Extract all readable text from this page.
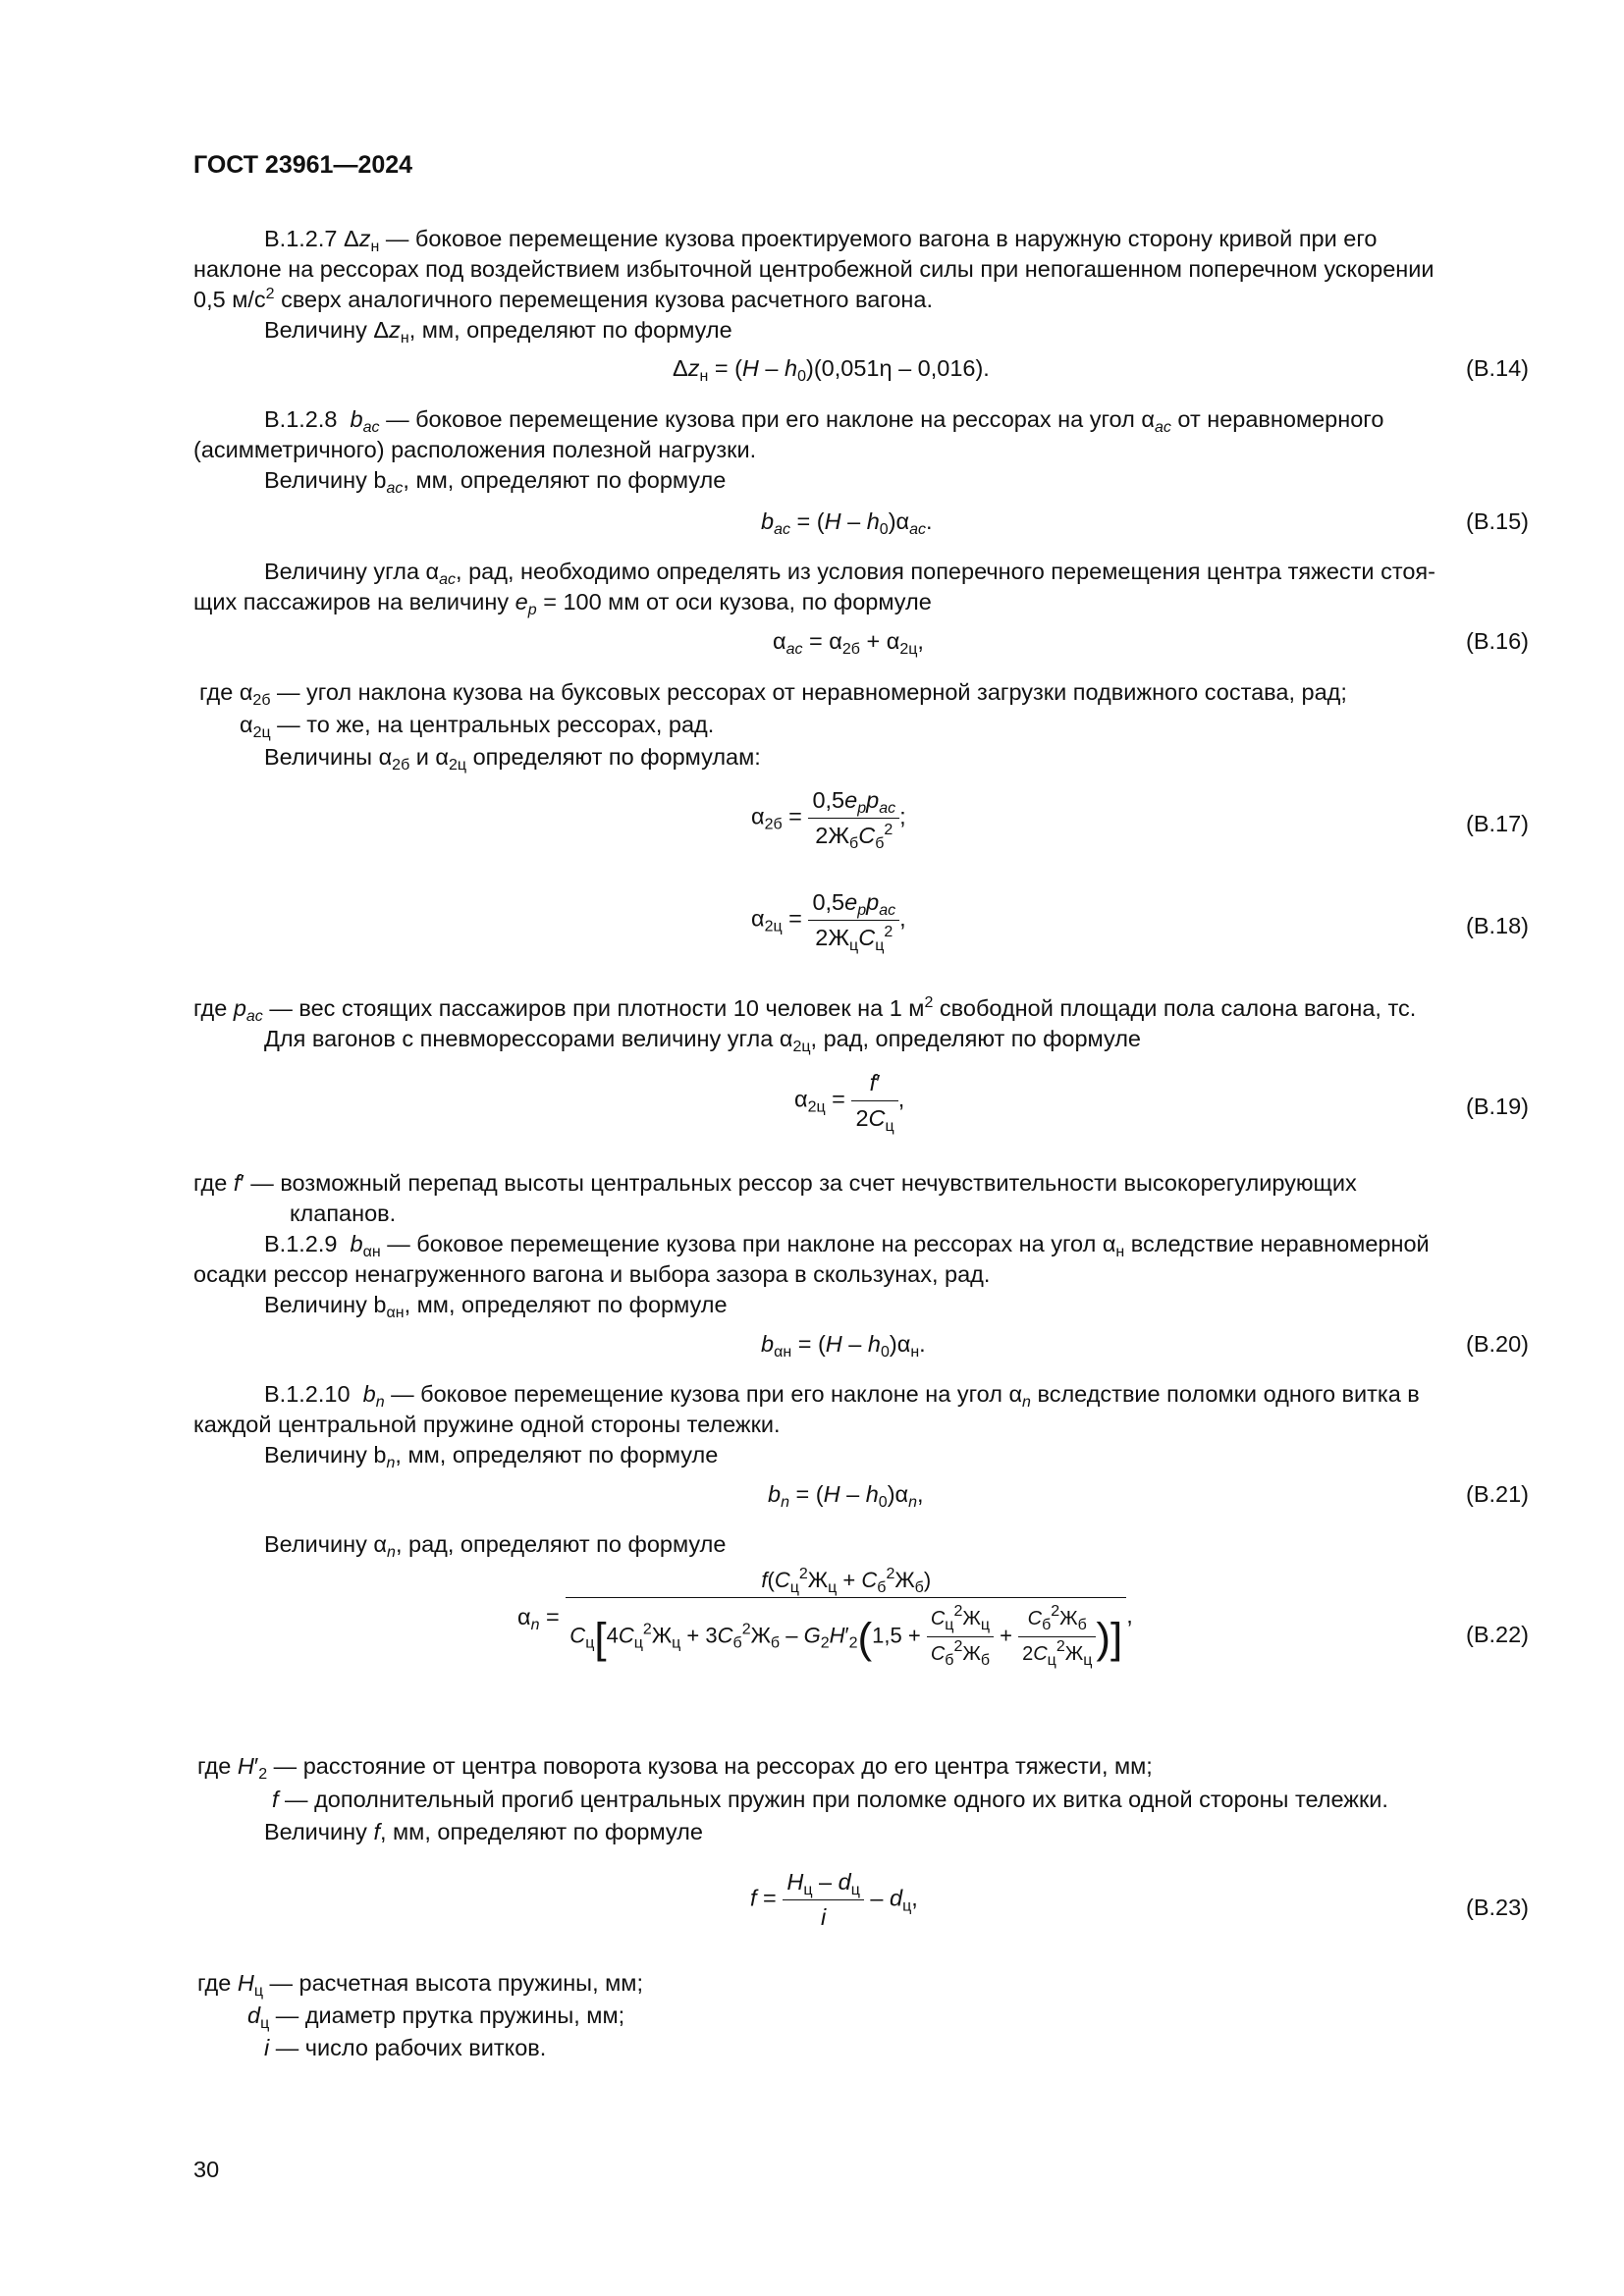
ГОСТ 23961—2024
В.1.2.7 $\Delta z_н$ — боковое перемещение кузова проектируемого вагона в наружную сторону кривой при его
наклоне на рессорах под воздействием избыточной центробежной силы при непогашенном поперечном ускорении
0,5 $м/с^2$ сверх аналогичного перемещения кузова расчетного вагона.
Величину $\Delta z_н$, мм, определяют по формуле
$\Delta z_н = (H - h_0)(0,051\eta - 0,016)$.	(В.14)
В.1.2.8 $b_{ac}$ — боковое перемещение кузова при его наклоне на рессорах на угол $\alpha_{ac}$ от неравномерного
(асимметричного) расположения полезной нагрузки.
Величину $b_{ac}$, мм, определяют по формуле
$b_{ac} = (H - h_0)\alpha_{ac}$.	(В.15)
Величину угла $\alpha_{ac}$, рад, необходимо определять из условия поперечного перемещения центра тяжести стоя-
щих пассажиров на величину $e_p = 100$ мм от оси кузова, по формуле
$\alpha_{ac} = \alpha_{2б} + \alpha_{2ц}$,	(В.16)
где $\alpha_{2б}$ — угол наклона кузова на буксовых рессорах от неравномерной загрузки подвижного состава, рад;
$\alpha_{2ц}$ — то же, на центральных рессорах, рад.
Величины $\alpha_{2б}$ и $\alpha_{2ц}$ определяют по формулам:
$\alpha_{2б} = \frac{0,5e_pp_{ac}}{2Ж_бC_б^2}$ ;	(В.17)
$\alpha_{2ц} = \frac{0,5e_pp_{ac}}{2Ж_цC_ц^2}$ ,	(В.18)
где $p_{ac}$ — вес стоящих пассажиров при плотности 10 человек на 1 $м^2$ свободной площади пола салона вагона, тс.
Для вагонов с пневморессорами величину угла $\alpha_{2ц}$, рад, определяют по формуле
$\alpha_{2ц} = \frac{f'}{2C_ц}$ ,	(В.19)
где f′ — возможный перепад высоты центральных рессор за счет нечувствительности высокорегулирующих
клапанов.
В.1.2.9 $b_{\alpha н}$ — боковое перемещение кузова при наклоне на рессорах на угол $\alpha_н$ вследствие неравномерной
осадки рессор ненагруженного вагона и выбора зазора в скользунах, рад.
Величину $b_{\alpha н}$, мм, определяют по формуле
$b_{\alpha н} = (H - h_0)\alpha_н$.	(В.20)
В.1.2.10 $b_n$ — боковое перемещение кузова при его наклоне на угол $\alpha_n$ вследствие поломки одного витка в
каждой центральной пружине одной стороны тележки.
Величину $b_n$, мм, определяют по формуле
$b_n = (H - h_0)\alpha_n$,	(В.21)
Величину $\alpha_n$, рад, определяют по формуле
$\alpha_n = \frac{f(C_ц^2Ж_ц + C_б^2Ж_б)}{C_ц[4C_ц^2Ж_ц + 3C_б^2Ж_б - G_2H'_2(1,5 + \frac{C_ц^2Ж_ц}{C_б^2Ж_б} + \frac{C_б^2Ж_б}{2C_ц^2Ж_ц} )]}$ ,
(В.22)
где $H'_2$ — расстояние от центра поворота кузова на рессорах до его центра тяжести, мм;
f — дополнительный прогиб центральных пружин при поломке одного их витка одной стороны тележки.
Величину f, мм, определяют по формуле
$f = \frac{H_ц - d_ц}{i} - d_ц$,	(В.23)
где $H_ц$ — расчетная высота пружины, мм;
$d_ц$ — диаметр прутка пружины, мм;
i — число рабочих витков.
30
